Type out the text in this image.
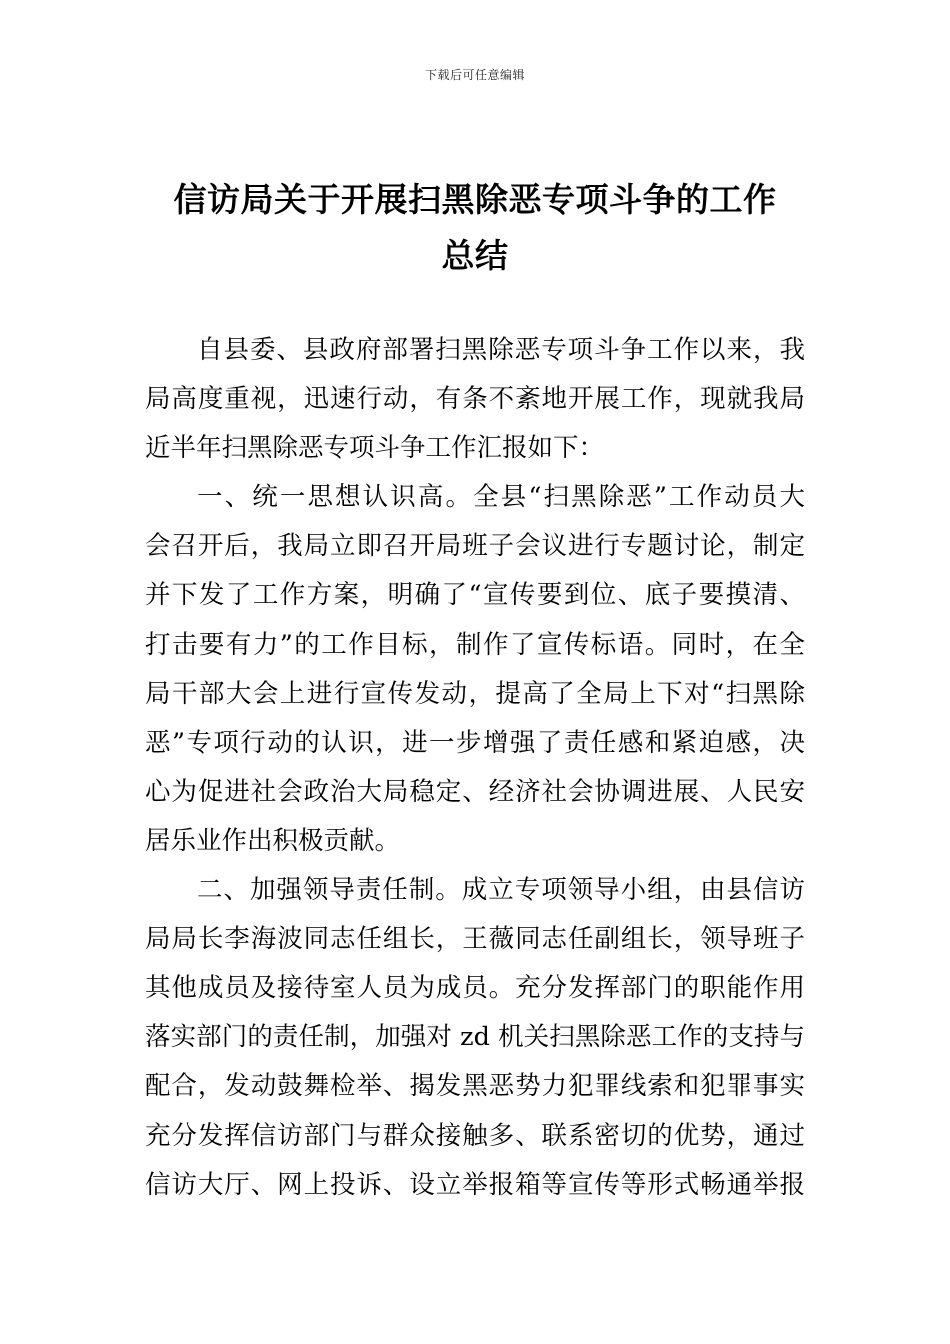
下载后可任意编辑
信访局关于开展扫黑除恶专项斗争的工作
总结
自县委、县政府部署扫黑除恶专项斗争工作以来，我
局高度重视，迅速行动，有条不紊地开展工作，现就我局
近半年扫黑除恶专项斗争工作汇报如下：
一、统一思想认识高。全县“扫黑除恶”工作动员大
会召开后，我局立即召开局班子会议进行专题讨论，制定
并下发了工作方案，明确了“宣传要到位、底子要摸清、
打击要有力”的工作目标，制作了宣传标语。同时，在全
局干部大会上进行宣传发动，提高了全局上下对“扫黑除
恶”专项行动的认识，进一步增强了责任感和紧迫感，决
心为促进社会政治大局稳定、经济社会协调进展、人民安
居乐业作出积极贡献。
二、加强领导责任制。成立专项领导小组，由县信访
局局长李海波同志任组长，王薇同志任副组长，领导班子
其他成员及接待室人员为成员。充分发挥部门的职能作用
落实部门的责任制，加强对 zd 机关扫黑除恶工作的支持与
配合，发动鼓舞检举、揭发黑恶势力犯罪线索和犯罪事实
充分发挥信访部门与群众接触多、联系密切的优势，通过
信访大厅、网上投诉、设立举报箱等宣传等形式畅通举报
